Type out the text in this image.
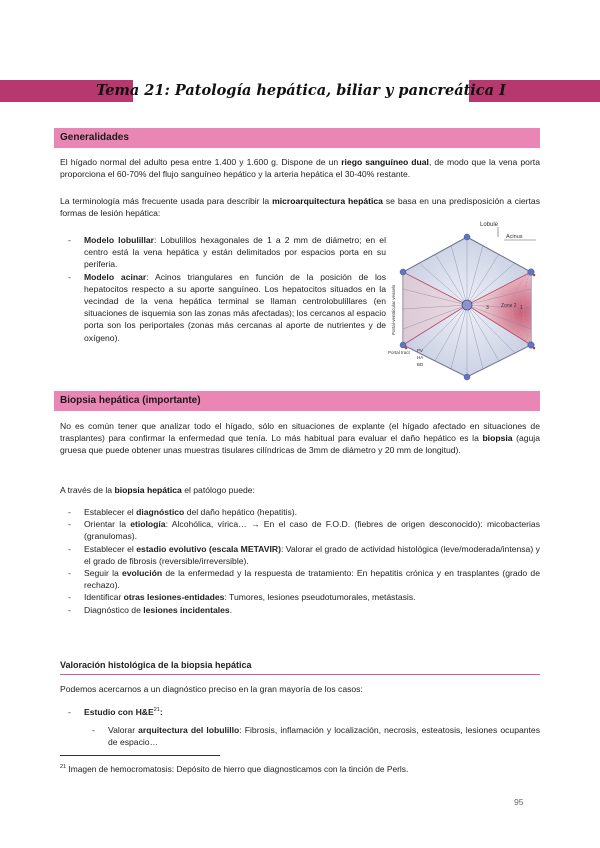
Tema 21: Patología hepática, biliar y pancreática I
Generalidades

El hígado normal del adulto pesa entre 1.400 y 1.600 g. Dispone de un riego sanguíneo dual, de modo que la vena porta proporciona el 60-70% del flujo sanguíneo hepático y la arteria hepática el 30-40% restante.

La terminología más frecuente usada para describir la microarquitectura hepática se basa en una predisposición a ciertas formas de lesión hepática:

- Modelo lobulillar: Lobulillos hexagonales de 1 a 2 mm de diámetro; en el centro está la vena hepática y están delimitados por espacios porta en su periferia.
- Modelo acinar: Acinos triangulares en función de la posición de los hepatocitos respecto a su aporte sanguíneo. Los hepatocitos situados en la vecindad de la vena hepática terminal se llaman centrolobulillares (en situaciones de isquemia son las zonas más afectadas); los cercanos al espacio porta son los periportales (zonas más cercanas al aporte de nutrientes y de oxígeno).
Lobule
Acinus
Zone 2 1
3
Portal-ventricular vessels
Portal tract PV
HA
BD
Biopsia hepática (importante)

No es común tener que analizar todo el hígado, sólo en situaciones de explante (el hígado afectado en situaciones de trasplantes) para confirmar la enfermedad que tenía. Lo más habitual para evaluar el daño hepático es la biopsia (aguja gruesa que puede obtener unas muestras tisulares cilíndricas de 3mm de diámetro y 20 mm de longitud).

A través de la biopsia hepática el patólogo puede:

- Establecer el diagnóstico del daño hepático (hepatitis).
- Orientar la etiología: Alcohólica, vírica… → En el caso de F.O.D. (fiebres de origen desconocido): micobacterias (granulomas).
- Establecer el estadio evolutivo (escala METAVIR): Valorar el grado de actividad histológica (leve/moderada/intensa) y el grado de fibrosis (reversible/irreversible).
- Seguir la evolución de la enfermedad y la respuesta de tratamiento: En hepatitis crónica y en trasplantes (grado de rechazo).
- Identificar otras lesiones-entidades: Tumores, lesiones pseudotumorales, metástasis.
- Diagnóstico de lesiones incidentales.
Valoración histológica de la biopsia hepática

Podemos acercarnos a un diagnóstico preciso en la gran mayoría de los casos:

- Estudio con $H\&E^{21}$:
- Valorar arquitectura del lobulillo: Fibrosis, inflamación y localización, necrosis, esteatosis, lesiones ocupantes de espacio…
$^{21}$ Imagen de hemocromatosis: Depósito de hierro que diagnosticamos con la tinción de Perls.
95
